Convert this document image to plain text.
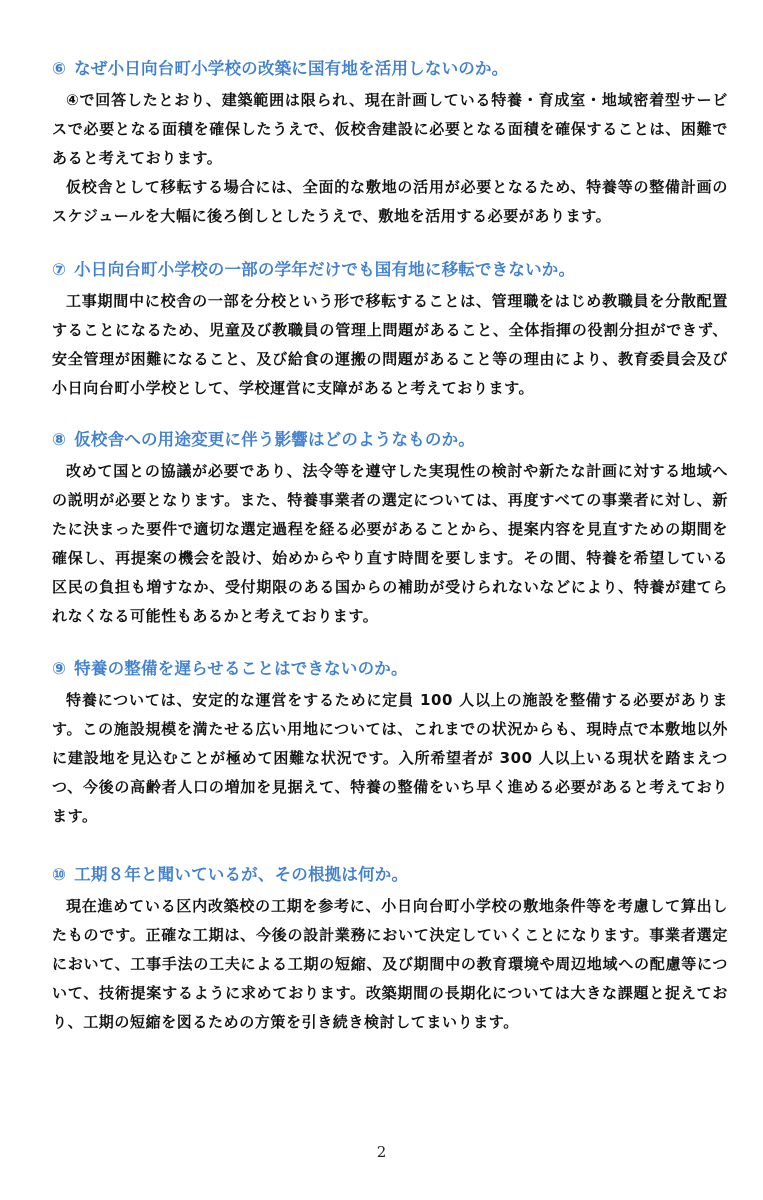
⑥ なぜ小日向台町小学校の改築に国有地を活用しないのか。

④で回答したとおり、建築範囲は限られ、現在計画している特養・育成室・地域密着型サービスで必要となる面積を確保したうえで、仮校舎建設に必要となる面積を確保することは、困難であると考えております。

仮校舎として移転する場合には、全面的な敷地の活用が必要となるため、特養等の整備計画のスケジュールを大幅に後ろ倒しとしたうえで、敷地を活用する必要があります。

⑦ 小日向台町小学校の一部の学年だけでも国有地に移転できないか。

工事期間中に校舎の一部を分校という形で移転することは、管理職をはじめ教職員を分散配置することになるため、児童及び教職員の管理上問題があること、全体指揮の役割分担ができず、安全管理が困難になること、及び給食の運搬の問題があること等の理由により、教育委員会及び小日向台町小学校として、学校運営に支障があると考えております。

⑧ 仮校舎への用途変更に伴う影響はどのようなものか。

改めて国との協議が必要であり、法令等を遵守した実現性の検討や新たな計画に対する地域への説明が必要となります。また、特養事業者の選定については、再度すべての事業者に対し、新たに決まった要件で適切な選定過程を経る必要があることから、提案内容を見直すための期間を確保し、再提案の機会を設け、始めからやり直す時間を要します。その間、特養を希望している区民の負担も増すなか、受付期限のある国からの補助が受けられないなどにより、特養が建てられなくなる可能性もあるかと考えております。

⑨ 特養の整備を遅らせることはできないのか。

特養については、安定的な運営をするために定員 100 人以上の施設を整備する必要があります。この施設規模を満たせる広い用地については、これまでの状況からも、現時点で本敷地以外に建設地を見込むことが極めて困難な状況です。入所希望者が 300 人以上いる現状を踏まえつつ、今後の高齢者人口の増加を見据えて、特養の整備をいち早く進める必要があると考えております。

⑩ 工期８年と聞いているが、その根拠は何か。

現在進めている区内改築校の工期を参考に、小日向台町小学校の敷地条件等を考慮して算出したものです。正確な工期は、今後の設計業務において決定していくことになります。事業者選定において、工事手法の工夫による工期の短縮、及び期間中の教育環境や周辺地域への配慮等について、技術提案するように求めております。改築期間の長期化については大きな課題と捉えており、工期の短縮を図るための方策を引き続き検討してまいります。

2
